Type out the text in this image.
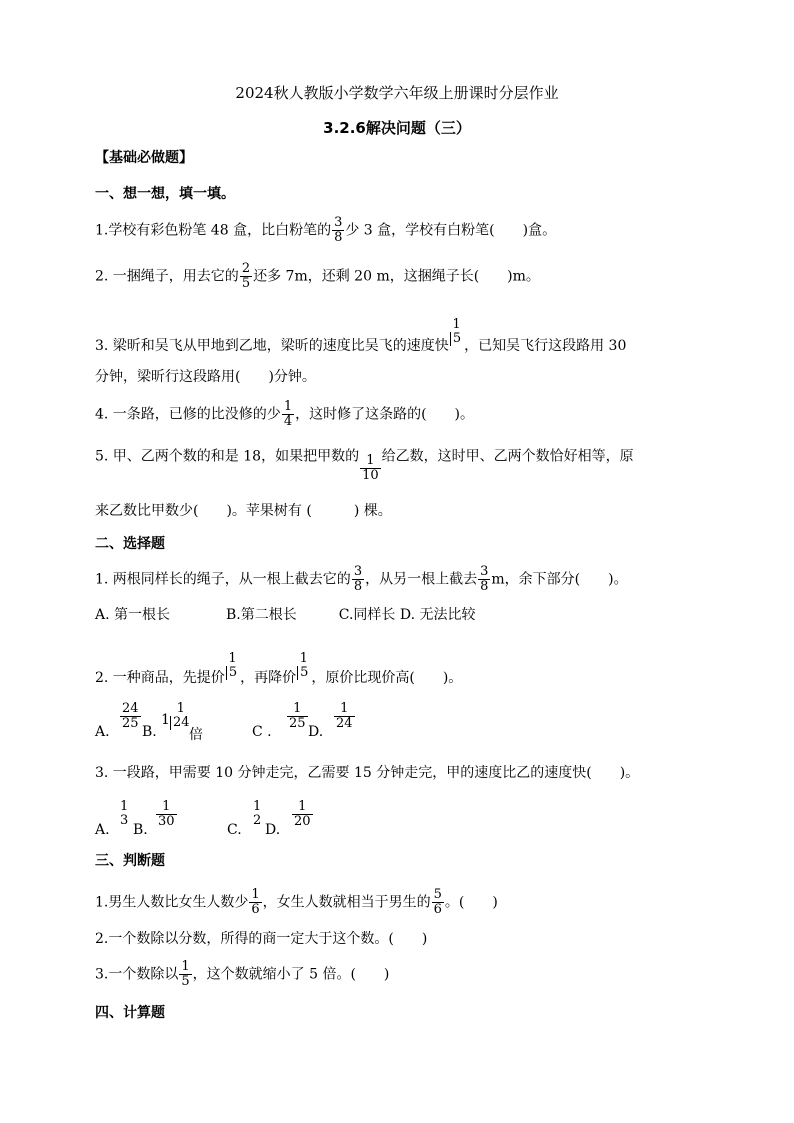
2024秋人教版小学数学六年级上册课时分层作业
3.2.6解决问题（三）
【基础必做题】
一、想一想，填一填。
1.学校有彩色粉笔 48 盒，比白粉笔的 $\frac{3}{8}$ 少 3 盒，学校有白粉笔(　　)盒。
2. 一捆绳子，用去它的 $\frac{2}{5}$ 还多 7m，还剩 20 m，这捆绳子长(　　)m。
3. 梁昕和吴飞从甲地到乙地，梁昕的速度比吴飞的速度快
1
5 ，已知吴飞行这段路用 30
分钟，梁昕行这段路用(　　)分钟。
4. 一条路，已修的比没修的少 $\frac{1}{4}$ ，这时修了这条路的(　　)。
5. 甲、乙两个数的和是 18，如果把甲数的 $\frac{1}{10}$ 给乙数，这时甲、乙两个数恰好相等，原
来乙数比甲数少(　　)。苹果树有 (　　　) 棵。
二、选择题
1. 两根同样长的绳子，从一根上截去它的 $\frac{3}{8}$ ，从另一根上截去 $\frac{3}{8}$ m，余下部分(　　)。
A. 第一根长　　　　B.第二根长　　　C.同样长 D. 无法比较
2. 一种商品，先提价
1
5 ，再降价
1
5 ，原价比现价高(　　)。
A.
$\frac{24}{25}$
B.
1
1
24
倍	C .
$\frac{1}{25}$
D.
$\frac{1}{24}$
3. 一段路，甲需要 10 分钟走完，乙需要 15 分钟走完，甲的速度比乙的速度快(　　)。
A.
1
3
B.
$\frac{1}{30}$
C.
1
2
D.
$\frac{1}{20}$
三、判断题
1.男生人数比女生人数少 $\frac{1}{6}$ ，女生人数就相当于男生的 $\frac{5}{6}$ 。(　　)
2.一个数除以分数，所得的商一定大于这个数。(　　)
3.一个数除以 $\frac{1}{5}$ ，这个数就缩小了 5 倍。(　　)
四、计算题
